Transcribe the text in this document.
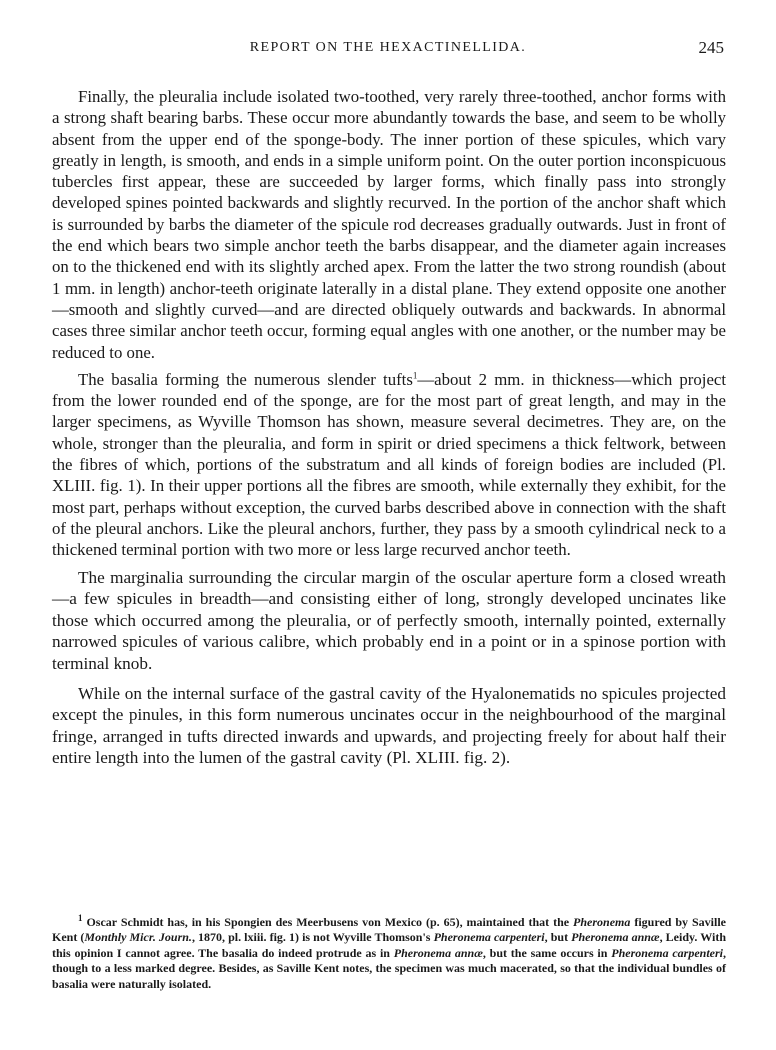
REPORT ON THE HEXACTINELLIDA.	245

Finally, the pleuralia include isolated two-toothed, very rarely three-toothed, anchor forms with a strong shaft bearing barbs. These occur more abundantly towards the base, and seem to be wholly absent from the upper end of the sponge-body. The inner portion of these spicules, which vary greatly in length, is smooth, and ends in a simple uniform point. On the outer portion inconspicuous tubercles first appear, these are succeeded by larger forms, which finally pass into strongly developed spines pointed backwards and slightly recurved. In the portion of the anchor shaft which is surrounded by barbs the diameter of the spicule rod decreases gradually outwards. Just in front of the end which bears two simple anchor teeth the barbs disappear, and the diameter again increases on to the thickened end with its slightly arched apex. From the latter the two strong roundish (about 1 mm. in length) anchor-teeth originate laterally in a distal plane. They extend opposite one another—smooth and slightly curved—and are directed obliquely outwards and backwards. In abnormal cases three similar anchor teeth occur, forming equal angles with one another, or the number may be reduced to one.

The basalia forming the numerous slender tufts$^1$—about 2 mm. in thickness—which project from the lower rounded end of the sponge, are for the most part of great length, and may in the larger specimens, as Wyville Thomson has shown, measure several decimetres. They are, on the whole, stronger than the pleuralia, and form in spirit or dried specimens a thick feltwork, between the fibres of which, portions of the substratum and all kinds of foreign bodies are included (Pl. XLIII. fig. 1). In their upper portions all the fibres are smooth, while externally they exhibit, for the most part, perhaps without exception, the curved barbs described above in connection with the shaft of the pleural anchors. Like the pleural anchors, further, they pass by a smooth cylindrical neck to a thickened terminal portion with two more or less large recurved anchor teeth.

The marginalia surrounding the circular margin of the oscular aperture form a closed wreath—a few spicules in breadth—and consisting either of long, strongly developed uncinates like those which occurred among the pleuralia, or of perfectly smooth, internally pointed, externally narrowed spicules of various calibre, which probably end in a point or in a spinose portion with terminal knob.

While on the internal surface of the gastral cavity of the Hyalonematids no spicules projected except the pinules, in this form numerous uncinates occur in the neighbourhood of the marginal fringe, arranged in tufts directed inwards and upwards, and projecting freely for about half their entire length into the lumen of the gastral cavity (Pl. XLIII. fig. 2).

$^1$ Oscar Schmidt has, in his Spongien des Meerbusens von Mexico (p. 65), maintained that the Pheronema figured by Saville Kent (Monthly Micr. Journ., 1870, pl. lxiii. fig. 1) is not Wyville Thomson's Pheronema carpenteri, but Pheronema annæ, Leidy. With this opinion I cannot agree. The basalia do indeed protrude as in Pheronema annæ, but the same occurs in Pheronema carpenteri, though to a less marked degree. Besides, as Saville Kent notes, the specimen was much macerated, so that the individual bundles of basalia were naturally isolated.
